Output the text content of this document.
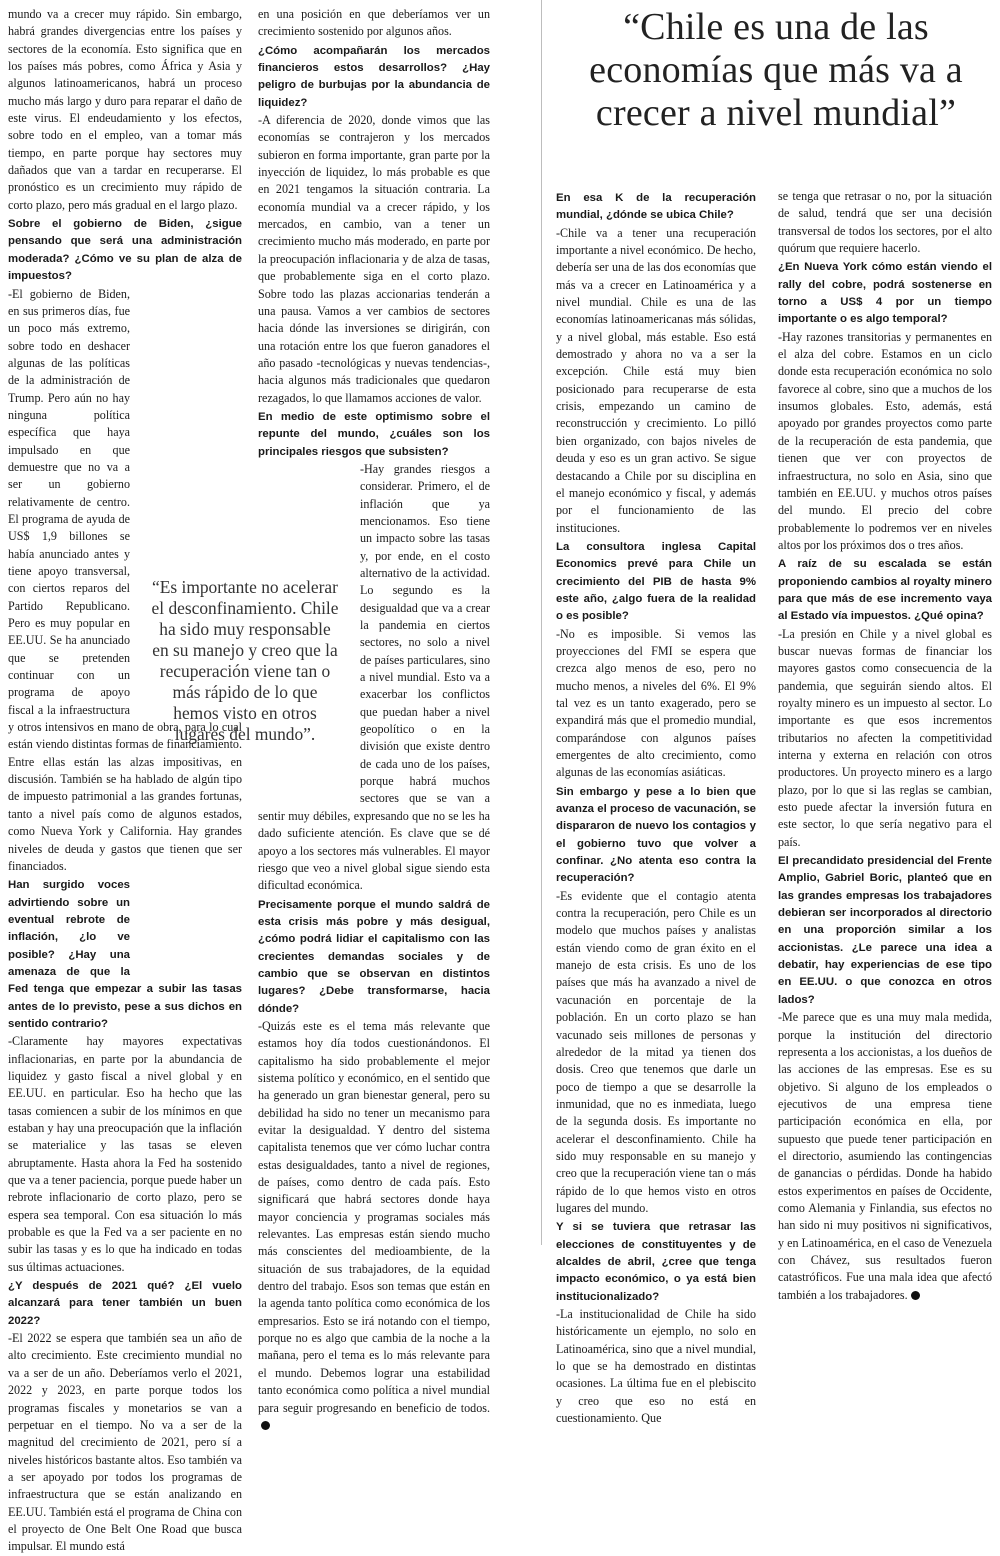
“Chile es una de las economías que más va a crecer a nivel mundial”

mundo va a crecer muy rápido. Sin embargo, habrá grandes divergencias entre los países y sectores de la economía. Esto significa que en los países más pobres, como África y Asia y algunos latinoamericanos, habrá un proceso mucho más largo y duro para reparar el daño de este virus. El endeudamiento y los efectos, sobre todo en el empleo, van a tomar más tiempo, en parte porque hay sectores muy dañados que van a tardar en recuperarse. El pronóstico es un crecimiento muy rápido de corto plazo, pero más gradual en el largo plazo.

Sobre el gobierno de Biden, ¿sigue pensando que será una administración moderada? ¿Cómo ve su plan de alza de impuestos?

-El gobierno de Biden, en sus primeros días, fue un poco más extremo, sobre todo en deshacer algunas de las políticas de la administración de Trump. Pero aún no hay ninguna política específica que haya impulsado en que demuestre que no va a ser un gobierno relativamente de centro. El programa de ayuda de US$ 1,9 billones se había anunciado antes y tiene apoyo transversal, con ciertos reparos del Partido Republicano. Pero es muy popular en EE.UU. Se ha anunciado que se pretenden continuar con un programa de apoyo fiscal a la infraestructura y otros intensivos en mano de obra, para lo cual están viendo distintas formas de financiamiento. Entre ellas están las alzas impositivas, en discusión. También se ha hablado de algún tipo de impuesto patrimonial a las grandes fortunas, tanto a nivel país como de algunos estados, como Nueva York y California. Hay grandes niveles de deuda y gastos que tienen que ser financiados.

Han surgido voces advirtiendo sobre un eventual rebrote de inflación, ¿lo ve posible? ¿Hay una amenaza de que la Fed tenga que empezar a subir las tasas antes de lo previsto, pese a sus dichos en sentido contrario?

-Claramente hay mayores expectativas inflacionarias, en parte por la abundancia de liquidez y gasto fiscal a nivel global y en EE.UU. en particular. Eso ha hecho que las tasas comiencen a subir de los mínimos en que estaban y hay una preocupación que la inflación se materialice y las tasas se eleven abruptamente. Hasta ahora la Fed ha sostenido que va a tener paciencia, porque puede haber un rebrote inflacionario de corto plazo, pero se espera sea temporal. Con esa situación lo más probable es que la Fed va a ser paciente en no subir las tasas y es lo que ha indicado en todas sus últimas actuaciones.

¿Y después de 2021 qué? ¿El vuelo alcanzará para tener también un buen 2022?

-El 2022 se espera que también sea un año de alto crecimiento. Este crecimiento mundial no va a ser de un año. Deberíamos verlo el 2021, 2022 y 2023, en parte porque todos los programas fiscales y monetarios se van a perpetuar en el tiempo. No va a ser de la magnitud del crecimiento de 2021, pero sí a niveles históricos bastante altos. Eso también va a ser apoyado por todos los programas de infraestructura que se están analizando en EE.UU. También está el programa de China con el proyecto de One Belt One Road que busca impulsar. El mundo está

en una posición en que deberíamos ver un crecimiento sostenido por algunos años.

¿Cómo acompañarán los mercados financieros estos desarrollos? ¿Hay peligro de burbujas por la abundancia de liquidez?

-A diferencia de 2020, donde vimos que las economías se contrajeron y los mercados subieron en forma importante, gran parte por la inyección de liquidez, lo más probable es que en 2021 tengamos la situación contraria. La economía mundial va a crecer rápido, y los mercados, en cambio, van a tener un crecimiento mucho más moderado, en parte por la preocupación inflacionaria y de alza de tasas, que probablemente siga en el corto plazo. Sobre todo las plazas accionarias tenderán a una pausa. Vamos a ver cambios de sectores hacia dónde las inversiones se dirigirán, con una rotación entre los que fueron ganadores el año pasado -tecnológicas y nuevas tendencias-, hacia algunos más tradicionales que quedaron rezagados, lo que llamamos acciones de valor.

En medio de este optimismo sobre el repunte del mundo, ¿cuáles son los principales riesgos que subsisten?

-Hay grandes riesgos a considerar. Primero, el de inflación que ya mencionamos. Eso tiene un impacto sobre las tasas y, por ende, en el costo alternativo de la actividad. Lo segundo es la desigualdad que va a crear la pandemia en ciertos sectores, no solo a nivel de países particulares, sino a nivel mundial. Esto va a exacerbar los conflictos que puedan haber a nivel geopolítico o en la división que existe dentro de cada uno de los países, porque habrá muchos sectores que se van a sentir muy débiles, expresando que no se les ha dado suficiente atención. Es clave que se dé apoyo a los sectores más vulnerables. El mayor riesgo que veo a nivel global sigue siendo esta dificultad económica.

Precisamente porque el mundo saldrá de esta crisis más pobre y más desigual, ¿cómo podrá lidiar el capitalismo con las crecientes demandas sociales y de cambio que se observan en distintos lugares? ¿Debe transformarse, hacia dónde?

-Quizás este es el tema más relevante que estamos hoy día todos cuestionándonos. El capitalismo ha sido probablemente el mejor sistema político y económico, en el sentido que ha generado un gran bienestar general, pero su debilidad ha sido no tener un mecanismo para evitar la desigualdad. Y dentro del sistema capitalista tenemos que ver cómo luchar contra estas desigualdades, tanto a nivel de regiones, de países, como dentro de cada país. Esto significará que habrá sectores donde haya mayor conciencia y programas sociales más relevantes. Las empresas están siendo mucho más conscientes del medioambiente, de la situación de sus trabajadores, de la equidad dentro del trabajo. Esos son temas que están en la agenda tanto política como económica de los empresarios. Esto se irá notando con el tiempo, porque no es algo que cambia de la noche a la mañana, pero el tema es lo más relevante para el mundo. Debemos lograr una estabilidad tanto económica como política a nivel mundial para seguir progresando en beneficio de todos.

“Es importante no acelerar el desconfinamiento. Chile ha sido muy responsable en su manejo y creo que la recuperación viene tan o más rápido de lo que hemos visto en otros lugares del mundo”.

En esa K de la recuperación mundial, ¿dónde se ubica Chile?

-Chile va a tener una recuperación importante a nivel económico. De hecho, debería ser una de las dos economías que más va a crecer en Latinoamérica y a nivel mundial. Chile es una de las economías latinoamericanas más sólidas, y a nivel global, más estable. Eso está demostrado y ahora no va a ser la excepción. Chile está muy bien posicionado para recuperarse de esta crisis, empezando un camino de reconstrucción y crecimiento. Lo pilló bien organizado, con bajos niveles de deuda y eso es un gran activo. Se sigue destacando a Chile por su disciplina en el manejo económico y fiscal, y además por el funcionamiento de las instituciones.

La consultora inglesa Capital Economics prevé para Chile un crecimiento del PIB de hasta 9% este año, ¿algo fuera de la realidad o es posible?

-No es imposible. Si vemos las proyecciones del FMI se espera que crezca algo menos de eso, pero no mucho menos, a niveles del 6%. El 9% tal vez es un tanto exagerado, pero se expandirá más que el promedio mundial, comparándose con algunos países emergentes de alto crecimiento, como algunas de las economías asiáticas.

Sin embargo y pese a lo bien que avanza el proceso de vacunación, se dispararon de nuevo los contagios y el gobierno tuvo que volver a confinar. ¿No atenta eso contra la recuperación?

-Es evidente que el contagio atenta contra la recuperación, pero Chile es un modelo que muchos países y analistas están viendo como de gran éxito en el manejo de esta crisis. Es uno de los países que más ha avanzado a nivel de vacunación en porcentaje de la población. En un corto plazo se han vacunado seis millones de personas y alrededor de la mitad ya tienen dos dosis. Creo que tenemos que darle un poco de tiempo a que se desarrolle la inmunidad, que no es inmediata, luego de la segunda dosis. Es importante no acelerar el desconfinamiento. Chile ha sido muy responsable en su manejo y creo que la recuperación viene tan o más rápido de lo que hemos visto en otros lugares del mundo.

Y si se tuviera que retrasar las elecciones de constituyentes y de alcaldes de abril, ¿cree que tenga impacto económico, o ya está bien institucionalizado?

-La institucionalidad de Chile ha sido históricamente un ejemplo, no solo en Latinoamérica, sino que a nivel mundial, lo que se ha demostrado en distintas ocasiones. La última fue en el plebiscito y creo que eso no está en cuestionamiento. Que

se tenga que retrasar o no, por la situación de salud, tendrá que ser una decisión transversal de todos los sectores, por el alto quórum que requiere hacerlo.

¿En Nueva York cómo están viendo el rally del cobre, podrá sostenerse en torno a US$ 4 por un tiempo importante o es algo temporal?

-Hay razones transitorias y permanentes en el alza del cobre. Estamos en un ciclo donde esta recuperación económica no solo favorece al cobre, sino que a muchos de los insumos globales. Esto, además, está apoyado por grandes proyectos como parte de la recuperación de esta pandemia, que tienen que ver con proyectos de infraestructura, no solo en Asia, sino que también en EE.UU. y muchos otros países del mundo. El precio del cobre probablemente lo podremos ver en niveles altos por los próximos dos o tres años.

A raíz de su escalada se están proponiendo cambios al royalty minero para que más de ese incremento vaya al Estado vía impuestos. ¿Qué opina?

-La presión en Chile y a nivel global es buscar nuevas formas de financiar los mayores gastos como consecuencia de la pandemia, que seguirán siendo altos. El royalty minero es un impuesto al sector. Lo importante es que esos incrementos tributarios no afecten la competitividad interna y externa en relación con otros productores. Un proyecto minero es a largo plazo, por lo que si las reglas se cambian, esto puede afectar la inversión futura en este sector, lo que sería negativo para el país.

El precandidato presidencial del Frente Amplio, Gabriel Boric, planteó que en las grandes empresas los trabajadores debieran ser incorporados al directorio en una proporción similar a los accionistas. ¿Le parece una idea a debatir, hay experiencias de ese tipo en EE.UU. o que conozca en otros lados?

-Me parece que es una muy mala medida, porque la institución del directorio representa a los accionistas, a los dueños de las acciones de las empresas. Ese es su objetivo. Si alguno de los empleados o ejecutivos de una empresa tiene participación económica en ella, por supuesto que puede tener participación en el directorio, asumiendo las contingencias de ganancias o pérdidas. Donde ha habido estos experimentos en países de Occidente, como Alemania y Finlandia, sus efectos no han sido ni muy positivos ni significativos, y en Latinoamérica, en el caso de Venezuela con Chávez, sus resultados fueron catastróficos. Fue una mala idea que afectó también a los trabajadores.
